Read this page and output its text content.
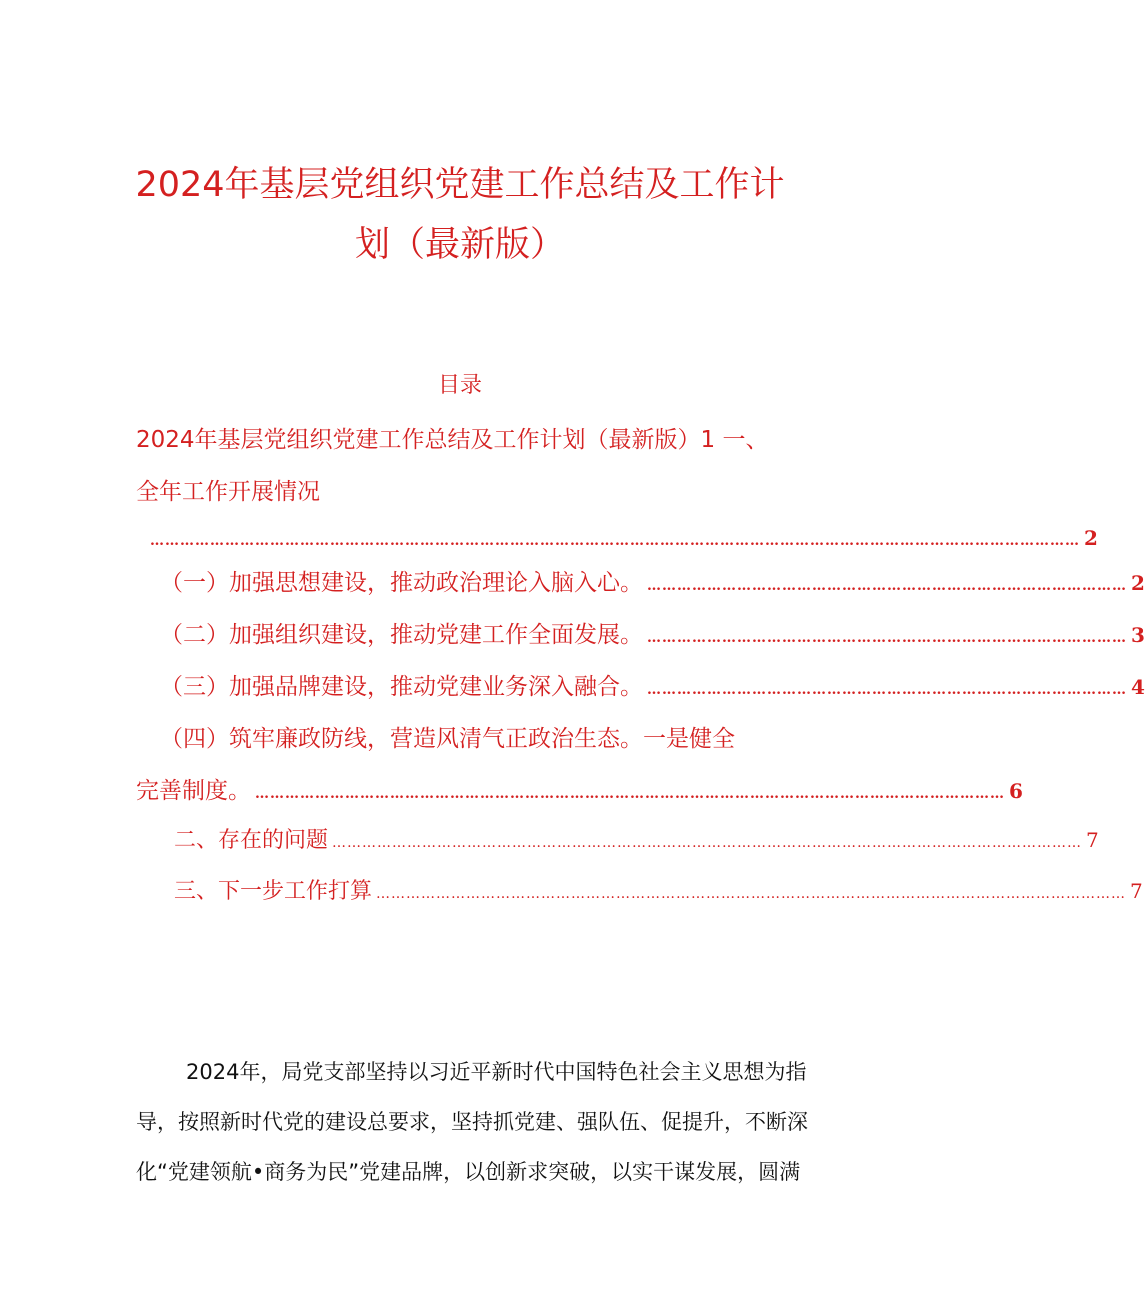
2024年基层党组织党建工作总结及工作计
划（最新版）
目录
2024年基层党组织党建工作总结及工作计划（最新版）1 一、
全年工作开展情况
…………………………………………………………………………………………………………………………………………………………………… 2
（一）加强思想建设，推动政治理论入脑入心。 …………………………………………………………………………………… 2
（二）加强组织建设，推动党建工作全面发展。 …………………………………………………………………………………… 3
（三）加强品牌建设，推动党建业务深入融合。 …………………………………………………………………………………… 4
（四）筑牢廉政防线，营造风清气正政治生态。一是健全
完善制度。 …………………………………………………………………………………………………………………………………… 6
二、存在的问题 …………………………………………………………………………………………………………………………………… 7
三、下一步工作打算 …………………………………………………………………………………………………………………………………… 7
2024年，局党支部坚持以习近平新时代中国特色社会主义思想为指
导，按照新时代党的建设总要求，坚持抓党建、强队伍、促提升，不断深
化“党建领航•商务为民”党建品牌，以创新求突破，以实干谋发展，圆满
